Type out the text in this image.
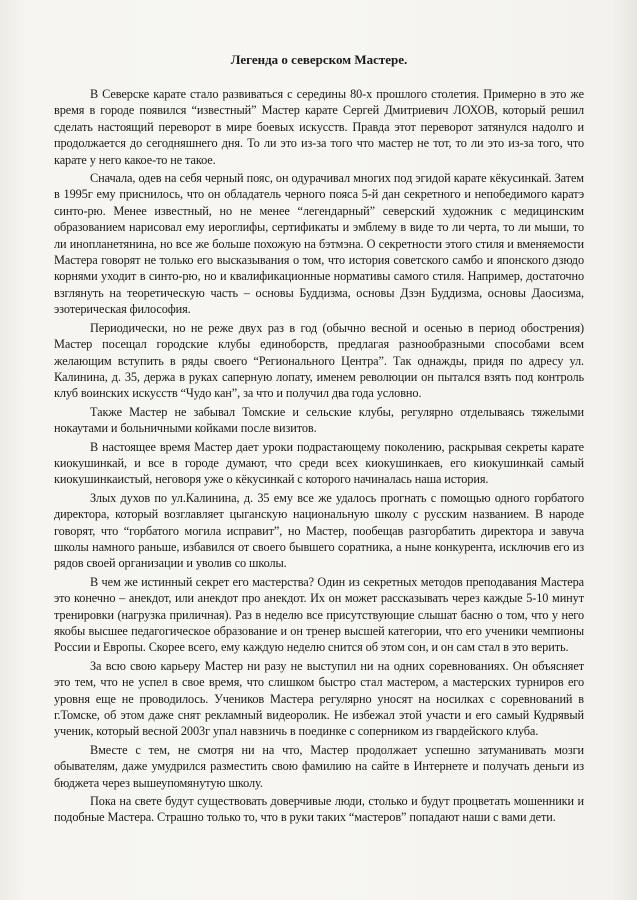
Легенда о северском Мастере.

В Северске карате стало развиваться с середины 80-х прошлого столетия. Примерно в это же время в городе появился “известный” Мастер карате Сергей Дмитриевич ЛОХОВ, который решил сделать настоящий переворот в мире боевых искусств. Правда этот переворот затянулся надолго и продолжается до сегодняшнего дня. То ли это из-за того что мастер не тот, то ли это из-за того, что карате у него какое-то не такое.

Сначала, одев на себя черный пояс, он одурачивал многих под эгидой карате кёкусинкай. Затем в 1995г ему приснилось, что он обладатель черного пояса 5-й дан секретного и непобедимого каратэ синто-рю. Менее известный, но не менее “легендарный” северский художник с медицинским образованием нарисовал ему иероглифы, сертификаты и эмблему в виде то ли черта, то ли мыши, то ли инопланетянина, но все же больше похожую на бэтмэна. О секретности этого стиля и вменяемости Мастера говорят не только его высказывания о том, что история советского самбо и японского дзюдо корнями уходит в синто-рю, но и квалификационные нормативы самого стиля. Например, достаточно взглянуть на теоретическую часть – основы Буддизма, основы Дзэн Буддизма, основы Даосизма, эзотерическая философия.

Периодически, но не реже двух раз в год (обычно весной и осенью в период обострения) Мастер посещал городские клубы единоборств, предлагая разнообразными способами всем желающим вступить в ряды своего “Регионального Центра”. Так однажды, придя по адресу ул. Калинина, д. 35, держа в руках саперную лопату, именем революции он пытался взять под контроль клуб воинских искусств “Чудо кан”, за что и получил два года условно.

Также Мастер не забывал Томские и сельские клубы, регулярно отделываясь тяжелыми нокаутами и больничными койками после визитов.

В настоящее время Мастер дает уроки подрастающему поколению, раскрывая секреты карате киокушинкай, и все в городе думают, что среди всех киокушинкаев, его киокушинкай самый киокушинкаистый, неговоря уже о кёкусинкай с которого начиналась наша история.

Злых духов по ул.Калинина, д. 35 ему все же удалось прогнать с помощью одного горбатого директора, который возглавляет цыганскую национальную школу с русским названием. В народе говорят, что “горбатого могила исправит”, но Мастер, пообещав разгорбатить директора и завуча школы намного раньше, избавился от своего бывшего соратника, а ныне конкурента, исключив его из рядов своей организации и уволив со школы.

В чем же истинный секрет его мастерства? Один из секретных методов преподавания Мастера это конечно – анекдот, или анекдот про анекдот. Их он может рассказывать через каждые 5-10 минут тренировки (нагрузка приличная). Раз в неделю все присутствующие слышат басню о том, что у него якобы высшее педагогическое образование и он тренер высшей категории, что его ученики чемпионы России и Европы. Скорее всего, ему каждую неделю снится об этом сон, и он сам стал в это верить.

За всю свою карьеру Мастер ни разу не выступил ни на одних соревнованиях. Он объясняет это тем, что не успел в свое время, что слишком быстро стал мастером, а мастерских турниров его уровня еще не проводилось. Учеников Мастера регулярно уносят на носилках с соревнований в г.Томске, об этом даже снят рекламный видеоролик. Не избежал этой участи и его самый Кудрявый ученик, который весной 2003г упал навзничь в поединке с соперником из гвардейского клуба.

Вместе с тем, не смотря ни на что, Мастер продолжает успешно затуманивать мозги обывателям, даже умудрился разместить свою фамилию на сайте в Интернете и получать деньги из бюджета через вышеупомянутую школу.

Пока на свете будут существовать доверчивые люди, столько и будут процветать мошенники и подобные Мастера. Страшно только то, что в руки таких “мастеров” попадают наши с вами дети.
